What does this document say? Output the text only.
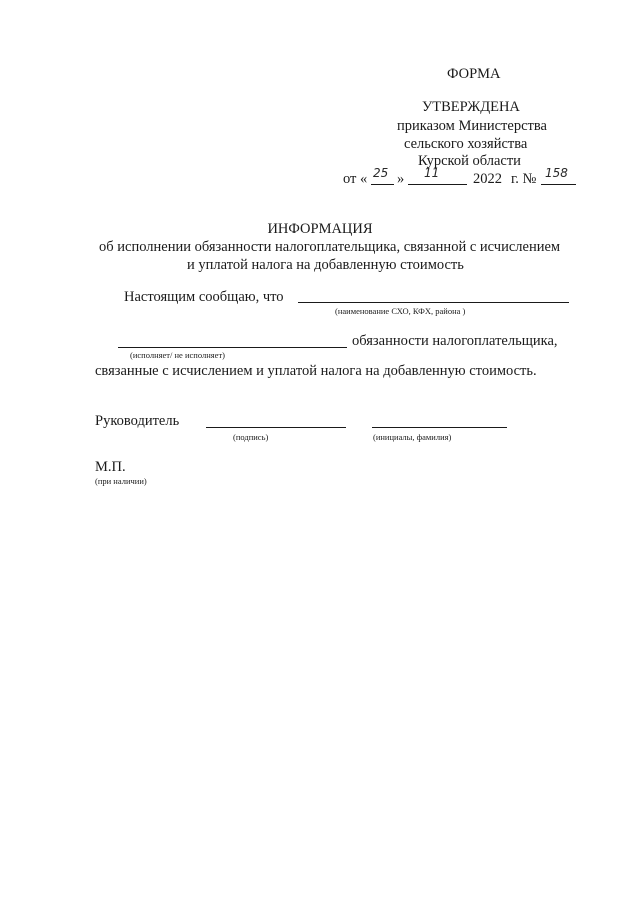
ФОРМА
УТВЕРЖДЕНА
приказом Министерства
сельского хозяйства
Курской области
от « 25 » 11 2022 г. № 158
ИНФОРМАЦИЯ
об исполнении обязанности налогоплательщика, связанной с исчислением
и уплатой налога на добавленную стоимость
Настоящим сообщаю, что
(наименование СХО, КФХ, района )
обязанности налогоплательщика,
(исполняет/ не исполняет)
связанные с исчислением и уплатой налога на добавленную стоимость.
Руководитель
(подпись)	(инициалы, фамилия)
М.П.
(при наличии)
